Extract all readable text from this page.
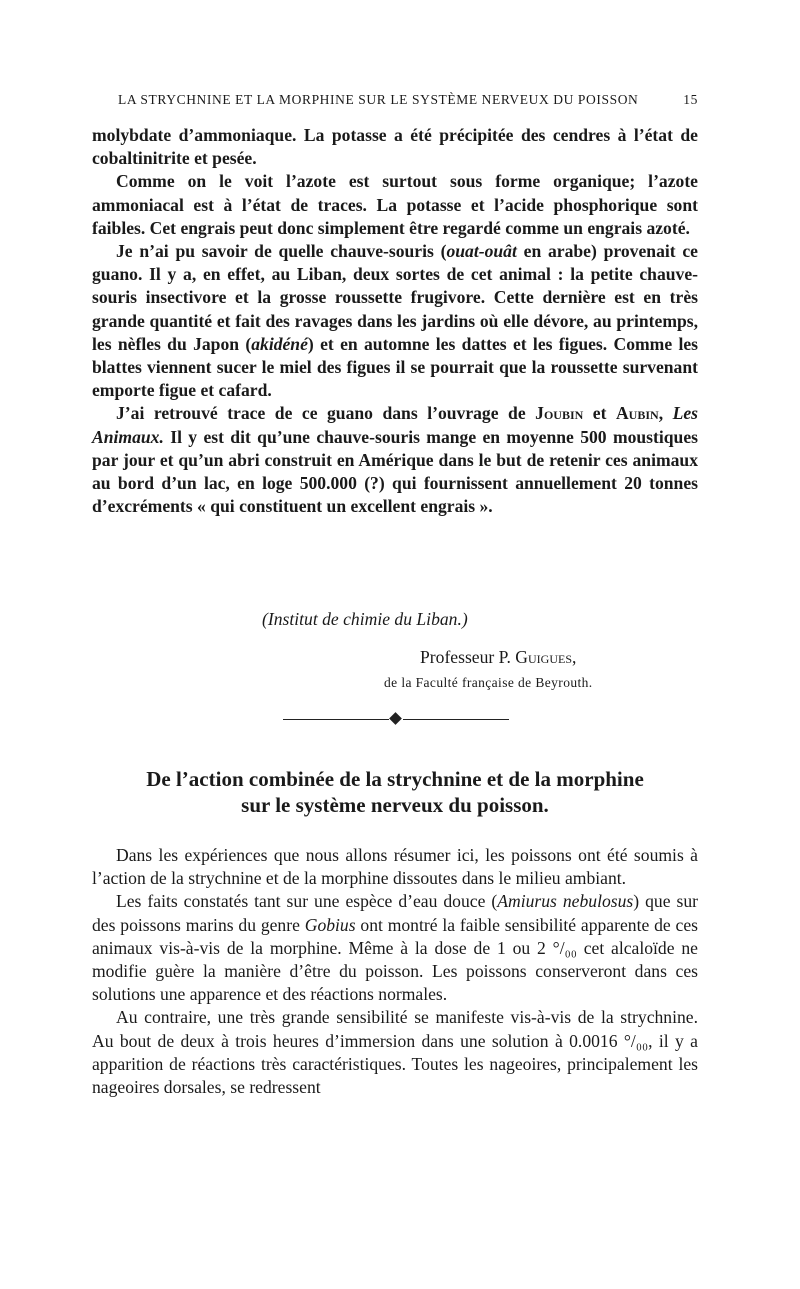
LA STRYCHNINE ET LA MORPHINE SUR LE SYSTÈME NERVEUX DU POISSON	15

molybdate d’ammoniaque. La potasse a été précipitée des cendres à l’état de cobaltinitrite et pesée.

Comme on le voit l’azote est surtout sous forme organique; l’azote ammoniacal est à l’état de traces. La potasse et l’acide phosphorique sont faibles. Cet engrais peut donc simplement être regardé comme un engrais azoté.

Je n’ai pu savoir de quelle chauve-souris (ouat-ouât en arabe) provenait ce guano. Il y a, en effet, au Liban, deux sortes de cet animal : la petite chauve-souris insectivore et la grosse roussette frugivore. Cette dernière est en très grande quantité et fait des ravages dans les jardins où elle dévore, au printemps, les nèfles du Japon (akidéné) et en automne les dattes et les figues. Comme les blattes viennent sucer le miel des figues il se pourrait que la roussette survenant emporte figue et cafard.

J’ai retrouvé trace de ce guano dans l’ouvrage de Joubin et Aubin, Les Animaux. Il y est dit qu’une chauve-souris mange en moyenne 500 moustiques par jour et qu’un abri construit en Amérique dans le but de retenir ces animaux au bord d’un lac, en loge 500.000 (?) qui fournissent annuellement 20 tonnes d’excréments « qui constituent un excellent engrais ».

(Institut de chimie du Liban.)
Professeur P. Guigues,
de la Faculté française de Beyrouth.
De l’action combinée de la strychnine et de la morphine
sur le système nerveux du poisson.

Dans les expériences que nous allons résumer ici, les poissons ont été soumis à l’action de la strychnine et de la morphine dissoutes dans le milieu ambiant.

Les faits constatés tant sur une espèce d’eau douce (Amiurus nebulosus) que sur des poissons marins du genre Gobius ont montré la faible sensibilité apparente de ces animaux vis-à-vis de la morphine. Même à la dose de 1 ou 2 °/₀₀ cet alcaloïde ne modifie guère la manière d’être du poisson. Les poissons conserveront dans ces solutions une apparence et des réactions normales.

Au contraire, une très grande sensibilité se manifeste vis-à-vis de la strychnine. Au bout de deux à trois heures d’immersion dans une solution à 0.0016 °/₀₀, il y a apparition de réactions très caractéristiques. Toutes les nageoires, principalement les nageoires dorsales, se redressent
